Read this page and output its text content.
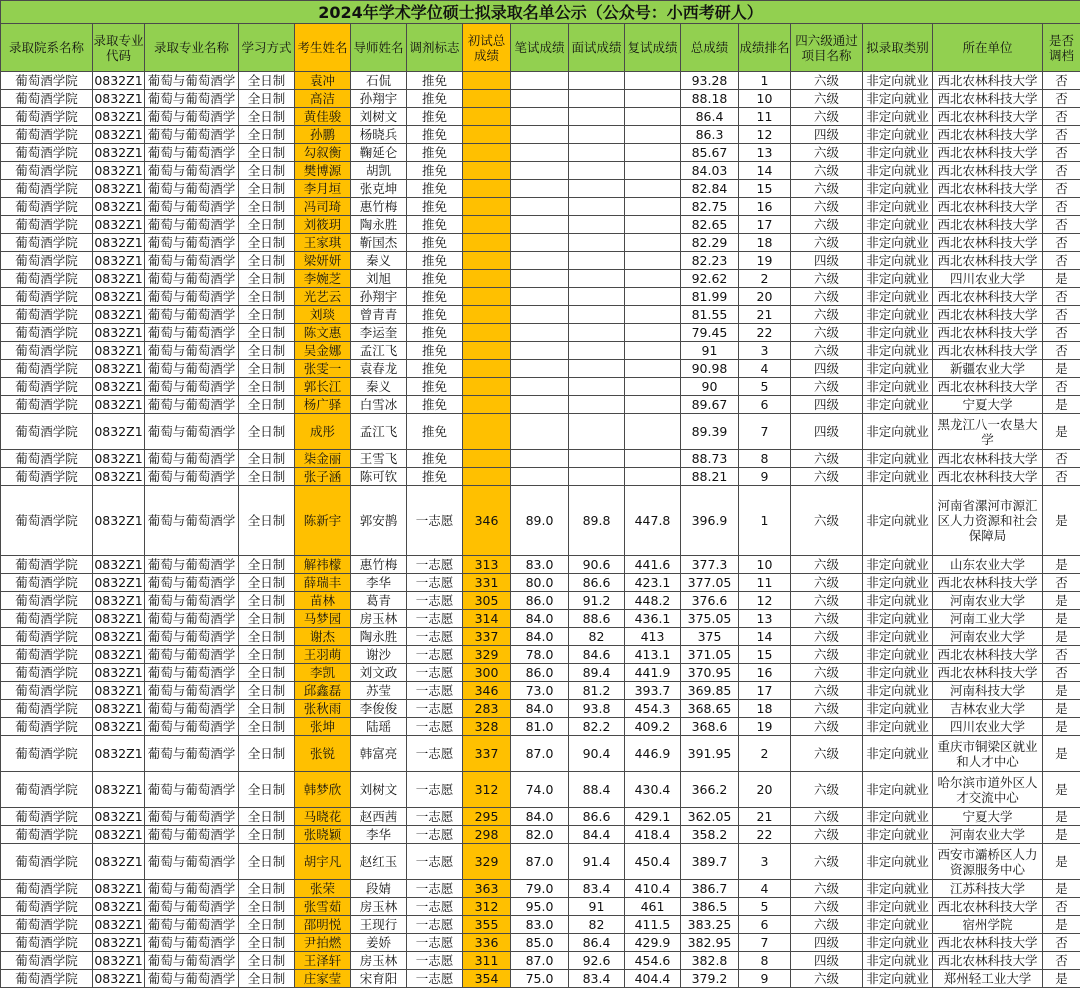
2024年学术学位硕士拟录取名单公示（公众号：小西考研人）																
录取院系名称	录取专业代码	录取专业名称	学习方式	考生姓名	导师姓名	调剂标志	初试总成绩	笔试成绩	面试成绩	复试成绩	总成绩	成绩排名	四六级通过项目名称	拟录取类别	所在单位	是否调档
葡萄酒学院	0832Z1	葡萄与葡萄酒学	全日制	袁冲	石侃	推免					93.28	1	六级	非定向就业	西北农林科技大学	否
葡萄酒学院	0832Z1	葡萄与葡萄酒学	全日制	高洁	孙翔宇	推免					88.18	10	六级	非定向就业	西北农林科技大学	否
葡萄酒学院	0832Z1	葡萄与葡萄酒学	全日制	黄佳骏	刘树文	推免					86.4	11	六级	非定向就业	西北农林科技大学	否
葡萄酒学院	0832Z1	葡萄与葡萄酒学	全日制	孙鹏	杨晓兵	推免					86.3	12	四级	非定向就业	西北农林科技大学	否
葡萄酒学院	0832Z1	葡萄与葡萄酒学	全日制	勾叙衡	鞠延仑	推免					85.67	13	六级	非定向就业	西北农林科技大学	否
葡萄酒学院	0832Z1	葡萄与葡萄酒学	全日制	樊博源	胡凯	推免					84.03	14	六级	非定向就业	西北农林科技大学	否
葡萄酒学院	0832Z1	葡萄与葡萄酒学	全日制	李月垣	张克坤	推免					82.84	15	六级	非定向就业	西北农林科技大学	否
葡萄酒学院	0832Z1	葡萄与葡萄酒学	全日制	冯司琦	惠竹梅	推免					82.75	16	六级	非定向就业	西北农林科技大学	否
葡萄酒学院	0832Z1	葡萄与葡萄酒学	全日制	刘筱玥	陶永胜	推免					82.65	17	六级	非定向就业	西北农林科技大学	否
葡萄酒学院	0832Z1	葡萄与葡萄酒学	全日制	王家琪	靳国杰	推免					82.29	18	六级	非定向就业	西北农林科技大学	否
葡萄酒学院	0832Z1	葡萄与葡萄酒学	全日制	梁妍妍	秦义	推免					82.23	19	四级	非定向就业	西北农林科技大学	否
葡萄酒学院	0832Z1	葡萄与葡萄酒学	全日制	李婉芝	刘旭	推免					92.62	2	六级	非定向就业	四川农业大学	是
葡萄酒学院	0832Z1	葡萄与葡萄酒学	全日制	光艺云	孙翔宇	推免					81.99	20	六级	非定向就业	西北农林科技大学	否
葡萄酒学院	0832Z1	葡萄与葡萄酒学	全日制	刘琰	曾青青	推免					81.55	21	六级	非定向就业	西北农林科技大学	否
葡萄酒学院	0832Z1	葡萄与葡萄酒学	全日制	陈文惠	李运奎	推免					79.45	22	六级	非定向就业	西北农林科技大学	否
葡萄酒学院	0832Z1	葡萄与葡萄酒学	全日制	吴金娜	孟江飞	推免					91	3	六级	非定向就业	西北农林科技大学	否
葡萄酒学院	0832Z1	葡萄与葡萄酒学	全日制	张雯一	袁春龙	推免					90.98	4	四级	非定向就业	新疆农业大学	是
葡萄酒学院	0832Z1	葡萄与葡萄酒学	全日制	郭长江	秦义	推免					90	5	六级	非定向就业	西北农林科技大学	否
葡萄酒学院	0832Z1	葡萄与葡萄酒学	全日制	杨广驿	白雪冰	推免					89.67	6	四级	非定向就业	宁夏大学	是
葡萄酒学院	0832Z1	葡萄与葡萄酒学	全日制	成彤	孟江飞	推免					89.39	7	四级	非定向就业	黑龙江八一农垦大学	是
葡萄酒学院	0832Z1	葡萄与葡萄酒学	全日制	柒金丽	王雪飞	推免					88.73	8	六级	非定向就业	西北农林科技大学	否
葡萄酒学院	0832Z1	葡萄与葡萄酒学	全日制	张子涵	陈可钦	推免					88.21	9	六级	非定向就业	西北农林科技大学	否
葡萄酒学院	0832Z1	葡萄与葡萄酒学	全日制	陈新宇	郭安鹊	一志愿	346	89.0	89.8	447.8	396.9	1	六级	非定向就业	河南省漯河市源汇区人力资源和社会保障局	是
葡萄酒学院	0832Z1	葡萄与葡萄酒学	全日制	解祎檬	惠竹梅	一志愿	313	83.0	90.6	441.6	377.3	10	六级	非定向就业	山东农业大学	是
葡萄酒学院	0832Z1	葡萄与葡萄酒学	全日制	薛瑞丰	李华	一志愿	331	80.0	86.6	423.1	377.05	11	六级	非定向就业	西北农林科技大学	否
葡萄酒学院	0832Z1	葡萄与葡萄酒学	全日制	苗林	葛青	一志愿	305	86.0	91.2	448.2	376.6	12	六级	非定向就业	河南农业大学	是
葡萄酒学院	0832Z1	葡萄与葡萄酒学	全日制	马梦园	房玉林	一志愿	314	84.0	88.6	436.1	375.05	13	六级	非定向就业	河南工业大学	是
葡萄酒学院	0832Z1	葡萄与葡萄酒学	全日制	谢杰	陶永胜	一志愿	337	84.0	82	413	375	14	六级	非定向就业	河南农业大学	是
葡萄酒学院	0832Z1	葡萄与葡萄酒学	全日制	王羽萌	谢沙	一志愿	329	78.0	84.6	413.1	371.05	15	六级	非定向就业	西北农林科技大学	否
葡萄酒学院	0832Z1	葡萄与葡萄酒学	全日制	李凯	刘文政	一志愿	300	86.0	89.4	441.9	370.95	16	六级	非定向就业	西北农林科技大学	否
葡萄酒学院	0832Z1	葡萄与葡萄酒学	全日制	邱鑫磊	苏莹	一志愿	346	73.0	81.2	393.7	369.85	17	六级	非定向就业	河南科技大学	是
葡萄酒学院	0832Z1	葡萄与葡萄酒学	全日制	张秋雨	李俊俊	一志愿	283	84.0	93.8	454.3	368.65	18	六级	非定向就业	吉林农业大学	是
葡萄酒学院	0832Z1	葡萄与葡萄酒学	全日制	张坤	陆瑶	一志愿	328	81.0	82.2	409.2	368.6	19	六级	非定向就业	四川农业大学	是
葡萄酒学院	0832Z1	葡萄与葡萄酒学	全日制	张锐	韩富亮	一志愿	337	87.0	90.4	446.9	391.95	2	六级	非定向就业	重庆市铜梁区就业和人才中心	是
葡萄酒学院	0832Z1	葡萄与葡萄酒学	全日制	韩梦欣	刘树文	一志愿	312	74.0	88.4	430.4	366.2	20	六级	非定向就业	哈尔滨市道外区人才交流中心	是
葡萄酒学院	0832Z1	葡萄与葡萄酒学	全日制	马晓花	赵西茜	一志愿	295	84.0	86.6	429.1	362.05	21	六级	非定向就业	宁夏大学	是
葡萄酒学院	0832Z1	葡萄与葡萄酒学	全日制	张晓颖	李华	一志愿	298	82.0	84.4	418.4	358.2	22	六级	非定向就业	河南农业大学	是
葡萄酒学院	0832Z1	葡萄与葡萄酒学	全日制	胡宇凡	赵红玉	一志愿	329	87.0	91.4	450.4	389.7	3	六级	非定向就业	西安市灞桥区人力资源服务中心	是
葡萄酒学院	0832Z1	葡萄与葡萄酒学	全日制	张荣	段婧	一志愿	363	79.0	83.4	410.4	386.7	4	六级	非定向就业	江苏科技大学	是
葡萄酒学院	0832Z1	葡萄与葡萄酒学	全日制	张雪茹	房玉林	一志愿	312	95.0	91	461	386.5	5	六级	非定向就业	西北农林科技大学	否
葡萄酒学院	0832Z1	葡萄与葡萄酒学	全日制	邵明悦	王现行	一志愿	355	83.0	82	411.5	383.25	6	六级	非定向就业	宿州学院	是
葡萄酒学院	0832Z1	葡萄与葡萄酒学	全日制	尹拍燃	姜娇	一志愿	336	85.0	86.4	429.9	382.95	7	四级	非定向就业	西北农林科技大学	否
葡萄酒学院	0832Z1	葡萄与葡萄酒学	全日制	王泽轩	房玉林	一志愿	311	87.0	92.6	454.6	382.8	8	四级	非定向就业	西北农林科技大学	否
葡萄酒学院	0832Z1	葡萄与葡萄酒学	全日制	庄家莹	宋育阳	一志愿	354	75.0	83.4	404.4	379.2	9	六级	非定向就业	郑州轻工业大学	是
